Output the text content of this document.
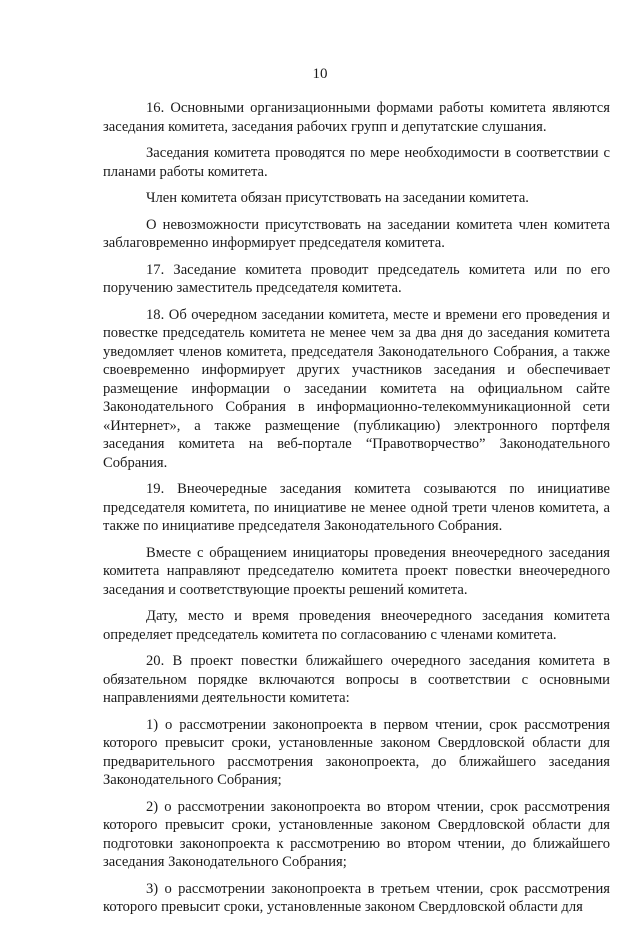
10

16. Основными организационными формами работы комитета являются заседания комитета, заседания рабочих групп и депутатские слушания.

Заседания комитета проводятся по мере необходимости в соответствии с планами работы комитета.

Член комитета обязан присутствовать на заседании комитета.

О невозможности присутствовать на заседании комитета член комитета заблаговременно информирует председателя комитета.

17. Заседание комитета проводит председатель комитета или по его поручению заместитель председателя комитета.

18. Об очередном заседании комитета, месте и времени его проведения и повестке председатель комитета не менее чем за два дня до заседания комитета уведомляет членов комитета, председателя Законодательного Собрания, а также своевременно информирует других участников заседания и обеспечивает размещение информации о заседании комитета на официальном сайте Законодательного Собрания в информационно-телекоммуникационной сети «Интернет», а также размещение (публикацию) электронного портфеля заседания комитета на веб-портале “Правотворчество” Законодательного Собрания.

19. Внеочередные заседания комитета созываются по инициативе председателя комитета, по инициативе не менее одной трети членов комитета, а также по инициативе председателя Законодательного Собрания.

Вместе с обращением инициаторы проведения внеочередного заседания комитета направляют председателю комитета проект повестки внеочередного заседания и соответствующие проекты решений комитета.

Дату, место и время проведения внеочередного заседания комитета определяет председатель комитета по согласованию с членами комитета.

20. В проект повестки ближайшего очередного заседания комитета в обязательном порядке включаются вопросы в соответствии с основными направлениями деятельности комитета:

1) о рассмотрении законопроекта в первом чтении, срок рассмотрения которого превысит сроки, установленные законом Свердловской области для предварительного рассмотрения законопроекта, до ближайшего заседания Законодательного Собрания;

2) о рассмотрении законопроекта во втором чтении, срок рассмотрения которого превысит сроки, установленные законом Свердловской области для подготовки законопроекта к рассмотрению во втором чтении, до ближайшего заседания Законодательного Собрания;

3) о рассмотрении законопроекта в третьем чтении, срок рассмотрения которого превысит сроки, установленные законом Свердловской области для
